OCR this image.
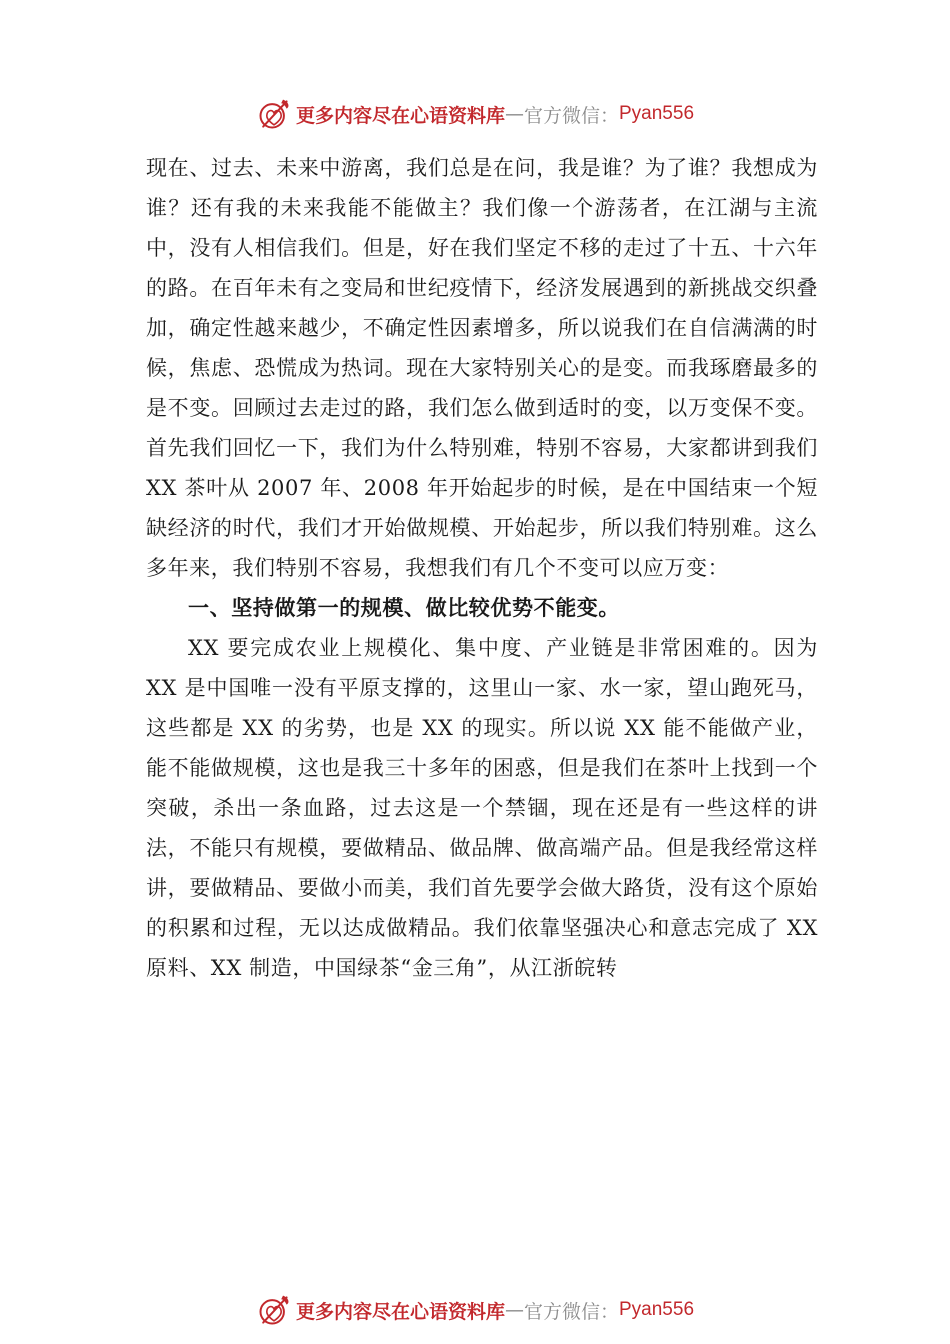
更多内容尽在心语资料库 — 官方微信： Pyan556

现在、过去、未来中游离，我们总是在问，我是谁？为了谁？我想成为谁？还有我的未来我能不能做主？我们像一个游荡者，在江湖与主流中，没有人相信我们。但是，好在我们坚定不移的走过了十五、十六年的路。在百年未有之变局和世纪疫情下，经济发展遇到的新挑战交织叠加，确定性越来越少，不确定性因素增多，所以说我们在自信满满的时候，焦虑、恐慌成为热词。现在大家特别关心的是变。而我琢磨最多的是不变。回顾过去走过的路，我们怎么做到适时的变，以万变保不变。首先我们回忆一下，我们为什么特别难，特别不容易，大家都讲到我们 XX 茶叶从 2007 年、2008 年开始起步的时候，是在中国结束一个短缺经济的时代，我们才开始做规模、开始起步，所以我们特别难。这么多年来，我们特别不容易，我想我们有几个不变可以应万变：

一、坚持做第一的规模、做比较优势不能变。

XX 要完成农业上规模化、集中度、产业链是非常困难的。因为 XX 是中国唯一没有平原支撑的，这里山一家、水一家，望山跑死马，这些都是 XX 的劣势，也是 XX 的现实。所以说 XX 能不能做产业，能不能做规模，这也是我三十多年的困惑，但是我们在茶叶上找到一个突破，杀出一条血路，过去这是一个禁锢，现在还是有一些这样的讲法，不能只有规模，要做精品、做品牌、做高端产品。但是我经常这样讲，要做精品、要做小而美，我们首先要学会做大路货，没有这个原始的积累和过程，无以达成做精品。我们依靠坚强决心和意志完成了 XX 原料、XX 制造，中国绿茶“金三角”，从江浙皖转

更多内容尽在心语资料库 — 官方微信： Pyan556
